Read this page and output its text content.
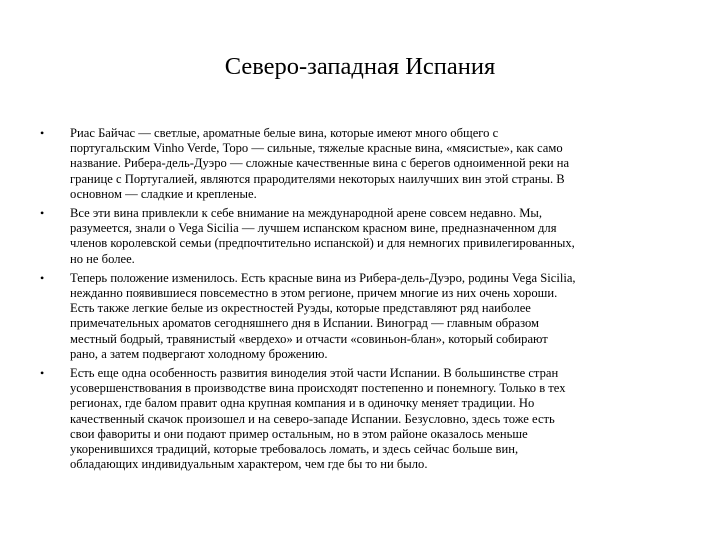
Северо-западная Испания
• Риас Байчас — светлые, ароматные белые вина, которые имеют много общего с
португальским Vinho Verde, Торо — сильные, тяжелые красные вина, «мясистые», как само
название. Рибера-дель-Дуэро — сложные качественные вина с берегов одноименной реки на
границе с Португалией, являются прародителями некоторых наилучших вин этой страны. В
основном — сладкие и крепленые.
• Все эти вина привлекли к себе внимание на международной арене совсем недавно. Мы,
разумеется, знали о Vega Sicilia — лучшем испанском красном вине, предназначенном для
членов королевской семьи (предпочтительно испанской) и для немногих привилегированных,
но не более.
• Теперь положение изменилось. Есть красные вина из Рибера-дель-Дуэро, родины Vega Sicilia,
нежданно появившиеся повсеместно в этом регионе, причем многие из них очень хороши.
Есть также легкие белые из окрестностей Руэды, которые представляют ряд наиболее
примечательных ароматов сегодняшнего дня в Испании. Виноград — главным образом
местный бодрый, травянистый «вердехо» и отчасти «совиньон-блан», который собирают
рано, а затем подвергают холодному брожению.
• Есть еще одна особенность развития виноделия этой части Испании. В большинстве стран
усовершенствования в производстве вина происходят постепенно и понемногу. Только в тех
регионах, где балом правит одна крупная компания и в одиночку меняет традиции. Но
качественный скачок произошел и на северо-западе Испании. Безусловно, здесь тоже есть
свои фавориты и они подают пример остальным, но в этом районе оказалось меньше
укоренившихся традиций, которые требовалось ломать, и здесь сейчас больше вин,
обладающих индивидуальным характером, чем где бы то ни было.
